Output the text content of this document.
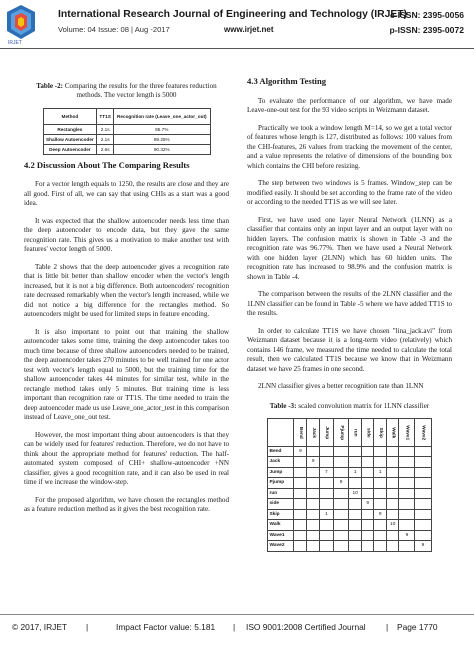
IRJET
International Research Journal of Engineering and Technology (IRJET)
e-ISSN: 2395-0056
Volume: 04 Issue: 08 | Aug -2017	www.irjet.net	p-ISSN: 2395-0072
Table -2: Comparing the results for the three features reduction methods. The vector length is 5000
Method	TT1S	Recognition rate (Leave_one_actor_out)
Rectangles	2.1s	95.7%
Shallow Autoencoder	2.1s	89.25%
Deep Autoencoder	2.6s	90.32%
4.2 Discussion About The Comparing Results

For a vector length equals to 1250, the results are close and they are all good. First of all, we can say that using CHIs as a start was a good idea.

It was expected that the shallow autoencoder needs less time than the deep autoencoder to encode data, but they gave the same recognition rate. This gives us a motivation to make another test with features' vector length of 5000.

Table 2 shows that the deep autoencoder gives a recognition rate that is little bit better than shallow encoder when the vector's length increased, but it is not a big difference. Both autoencoders' recognition rate decreased remarkably when the vector's length increased, while we did not notice a big difference for the rectangles method. So autoencoders might be used for limited steps in feature encoding.

It is also important to point out that training the shallow autoencoder takes some time, training the deep autoencoder takes too much time because of three shallow autoencoders needed to be trained, the deep autoencoder takes 270 minutes to be well trained for one actor test with vector's length equal to 5000, but the training time for the shallow autoencoder takes 44 minutes for similar test, while in the rectangle method takes only 5 minutes. But training time is less important than recognition rate or TT1S. The time needed to train the deep autoencoder made us use Leave_one_actor_test in this comparison instead of Leave_one_out test.

However, the most important thing about autoencoders is that they can be widely used for features' reduction. Therefore, we do not have to think about the appropriate method for features' reduction. The half-automated system composed of CHI+ shallow-autoencoder +NN classifier, gives a good recognition rate, and it can also be used in real time if we increase the window-step.

For the proposed algorithm, we have chosen the rectangles method as a feature reduction method as it gives the best recognition rate.

4.3 Algorithm Testing

To evaluate the performance of our algorithm, we have made Leave-one-out test for the 93 video scripts in Weizmann dataset.

Practically we took a window length M=14, so we get a total vector of features whose length is 127, distributed as follows: 100 values from the CHI-features, 26 values from tracking the movement of the center, and a value represents the relative of dimensions of the bounding box which contains the CHI before resizing.

The step between two windows is 5 frames. Window_step can be modified easily. It should be set according to the frame rate of the video or according to the needed TT1S as we will see later.

First, we have used one layer Neural Network (1LNN) as a classifier that contains only an input layer and an output layer with no hidden layers. The confusion matrix is shown in Table -3 and the recognition rate was 96.77%. Then we have used a Neural Network with one hidden layer (2LNN) which has 60 hidden units. The recognition rate has increased to 98.9% and the confusion matrix is shown in Table -4.

The comparison between the results of the 2LNN classifier and the 1LNN classifier can be found in Table -5 where we have added TT1S to the results.

In order to calculate TT1S we have chosen "lina_jack.avi" from Weizmann dataset because it is a long-term video (relatively) which contains 146 frame, we measured the time needed to calculate the total result, then we calculated TT1S because we know that in Weizmann dataset we have 25 frames in one second.

2LNN classifier gives a better recognition rate than 1LNN

Table -3: scaled convolution matrix for 1LNN classifier
	Bend	Jack	Jump	Pjump	run	side	Skip	Walk	Wave1	Wave2
Bend	9									
Jack		9								
Jump			7		1		1			
Pjump				9						
run					10					
side						9				
Skip			1				9			
Walk								10		
Wave1									9	
Wave2										9
© 2017, IRJET |	Impact Factor value: 5.181 | ISO 9001:2008 Certified Journal | Page 1770
